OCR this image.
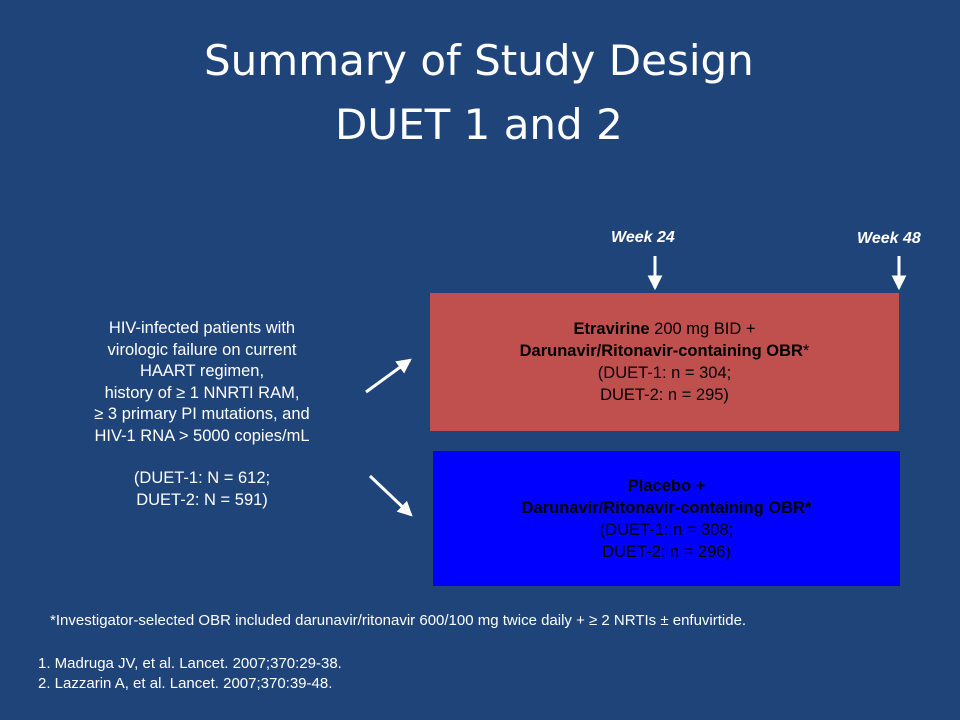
Summary of Study Design
DUET 1 and 2
Week 24	Week 48
HIV-infected patients with
virologic failure on current
HAART regimen,
history of ≥ 1 NNRTI RAM,
≥ 3 primary PI mutations, and
HIV-1 RNA > 5000 copies/mL
(DUET-1: N = 612;
DUET-2: N = 591)
Etravirine 200 mg BID +
Darunavir/Ritonavir-containing OBR*
(DUET-1: n = 304;
DUET-2: n = 295)
Placebo +
Darunavir/Ritonavir-containing OBR*
(DUET-1: n = 308;
DUET-2: n = 296)
*Investigator-selected OBR included darunavir/ritonavir 600/100 mg twice daily + ≥ 2 NRTIs ± enfuvirtide.
1. Madruga JV, et al. Lancet. 2007;370:29-38.
2. Lazzarin A, et al. Lancet. 2007;370:39-48.
